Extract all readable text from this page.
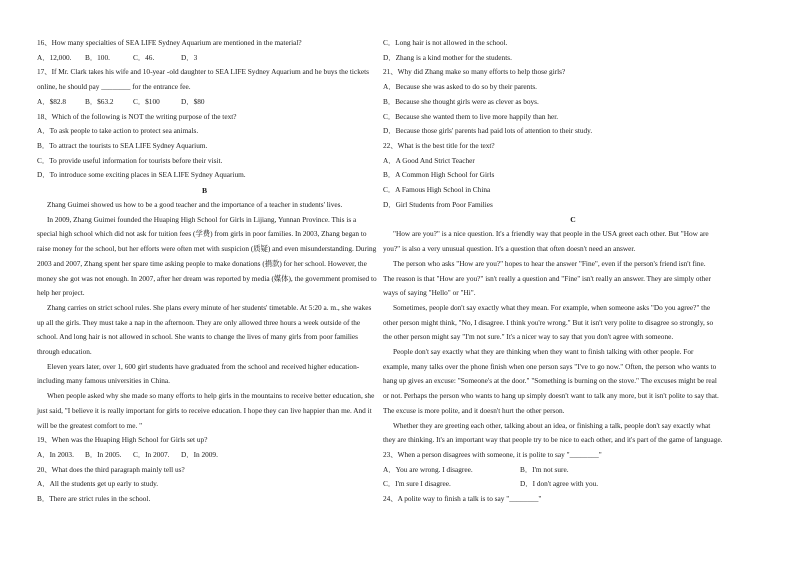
16、How many specialties of SEA LIFE Sydney Aquarium are mentioned in the material?
A．12,000.	B．100.	C．46.	D．3
17、If Mr. Clark takes his wife and 10-year -old daughter to SEA LIFE Sydney Aquarium and he buys the tickets
online, he should pay ________ for the entrance fee.
A．$82.8	B．$63.2	C．$100	D．$80
18、Which of the following is NOT the writing purpose of the text?
A．To ask people to take action to protect sea animals.
B．To attract the tourists to SEA LIFE Sydney Aquarium.
C．To provide useful information for tourists before their visit.
D．To introduce some exciting places in SEA LIFE Sydney Aquarium.
B
Zhang Guimei showed us how to be a good teacher and the importance of a teacher in students' lives.
In 2009, Zhang Guimei founded the Huaping High School for Girls in Lijiang, Yunnan Province. This is a
special high school which did not ask for tuition fees (学费) from girls in poor families. In 2003, Zhang began to
raise money for the school, but her efforts were often met with suspicion (质疑) and even misunderstanding. During
2003 and 2007, Zhang spent her spare time asking people to make donations (捐款) for her school. However, the
money she got was not enough. In 2007, after her dream was reported by media (媒体), the government promised to
help her project.
Zhang carries on strict school rules. She plans every minute of her students' timetable. At 5:20 a. m., she wakes
up all the girls. They must take a nap in the afternoon. They are only allowed three hours a week outside of the
school. And long hair is not allowed in school. She wants to change the lives of many girls from poor families
through education.
Eleven years later, over 1, 600 girl students have graduated from the school and received higher education-
including many famous universities in China.
When people asked why she made so many efforts to help girls in the mountains to receive better education, she
just said, "I believe it is really important for girls to receive education. I hope they can live happier than me. And it
will be the greatest comfort to me. "
19、When was the Huaping High School for Girls set up?
A．In 2003.	B．In 2005.	C．In 2007.	D．In 2009.
20、What does the third paragraph mainly tell us?
A．All the students get up early to study.
B．There are strict rules in the school.
C．Long hair is not allowed in the school.
D．Zhang is a kind mother for the students.
21、Why did Zhang make so many efforts to help those girls?
A．Because she was asked to do so by their parents.
B．Because she thought girls were as clever as boys.
C．Because she wanted them to live more happily than her.
D．Because those girls' parents had paid lots of attention to their study.
22、What is the best title for the text?
A．A Good And Strict Teacher
B．A Common High School for Girls
C．A Famous High School in China
D．Girl Students from Poor Families
C
"How are you?" is a nice question. It's a friendly way that people in the USA greet each other. But "How are
you?" is also a very unusual question. It's a question that often doesn't need an answer.
The person who asks "How are you?" hopes to hear the answer "Fine", even if the person's friend isn't fine.
The reason is that "How are you?" isn't really a question and "Fine" isn't really an answer. They are simply other
ways of saying "Hello" or "Hi".
Sometimes, people don't say exactly what they mean. For example, when someone asks "Do you agree?" the
other person might think, "No, I disagree. I think you're wrong." But it isn't very polite to disagree so strongly, so
the other person might say "I'm not sure." It's a nicer way to say that you don't agree with someone.
People don't say exactly what they are thinking when they want to finish talking with other people. For
example, many talks over the phone finish when one person says "I've to go now." Often, the person who wants to
hang up gives an excuse: "Someone's at the door." "Something is burning on the stove." The excuses might be real
or not. Perhaps the person who wants to hang up simply doesn't want to talk any more, but it isn't polite to say that.
The excuse is more polite, and it doesn't hurt the other person.
Whether they are greeting each other, talking about an idea, or finishing a talk, people don't say exactly what
they are thinking. It's an important way that people try to be nice to each other, and it's part of the game of language.
23、When a person disagrees with someone, it is polite to say "________"
A．You are wrong. I disagree.	B．I'm not sure.
C．I'm sure I disagree.	D．I don't agree with you.
24、A polite way to finish a talk is to say "________"
